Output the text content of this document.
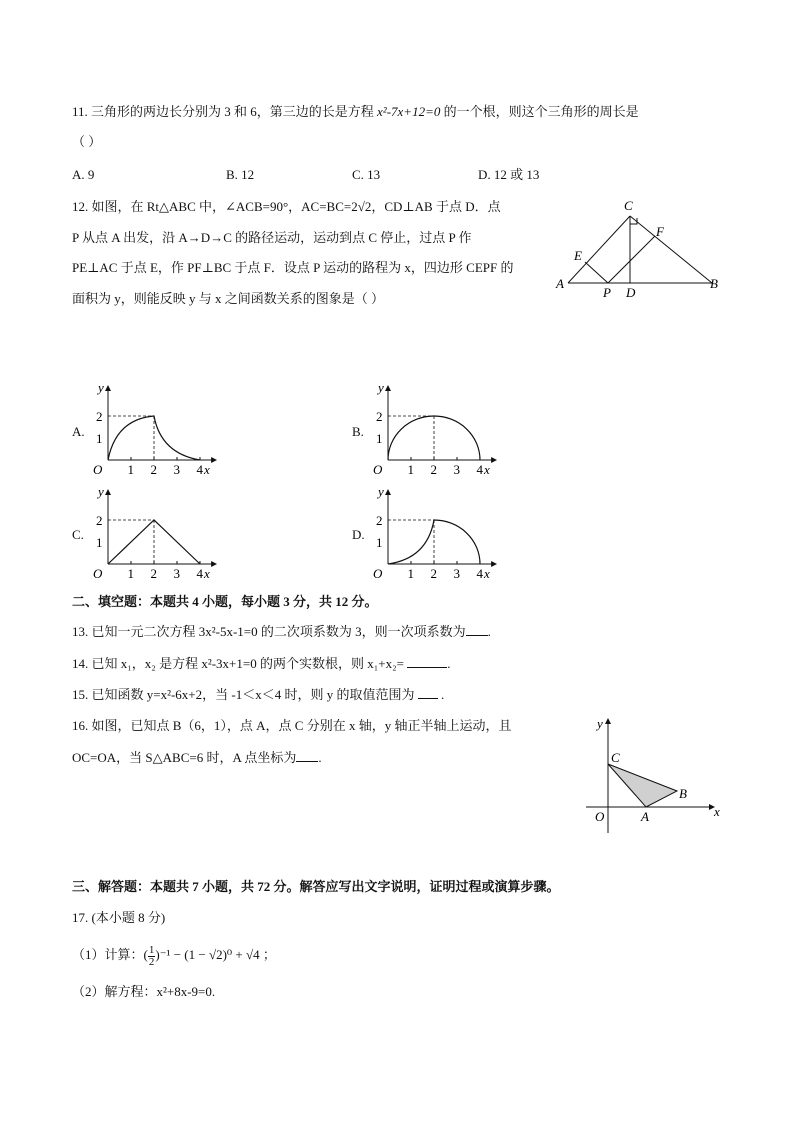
11. 三角形的两边长分别为 3 和 6，第三边的长是方程 x²-7x+12=0 的一个根，则这个三角形的周长是
（ ）
A. 9	B. 12	C. 13	D. 12 或 13
12. 如图，在 Rt△ABC 中，∠ACB=90°，AC=BC=2√2，CD⊥AB 于点 D．点
P 从点 A 出发，沿 A→D→C 的路径运动，运动到点 C 停止，过点 P 作
PE⊥AC 于点 E，作 PF⊥BC 于点 F．设点 P 运动的路程为 x，四边形 CEPF 的
面积为 y，则能反映 y 与 x 之间函数关系的图象是（ ）
C
F
E
A
P D
B
A.	B.
C.	D.
1 2 3 4
1
2
O	x
y
1 2 3 4
1
2
O	x
y
1 2 3 4
1
2
O	x
y
1 2 3 4
1
2
O	x
y
二、填空题：本题共 4 小题，每小题 3 分，共 12 分。
13. 已知一元二次方程 3x²-5x-1=0 的二次项系数为 3，则一次项系数为 .
14. 已知 x₁，x₂ 是方程 x²-3x+1=0 的两个实数根，则 x₁+x₂=	.
15. 已知函数 y=x²-6x+2，当 -1＜x＜4 时，则 y 的取值范围为  .
16. 如图，已知点 B（6，1），点 A，点 C 分别在 x 轴，y 轴正半轴上运动，且
OC=OA，当 S△ABC=6 时，A 点坐标为 .
y
C
B
O	A	x
三、解答题：本题共 7 小题，共 72 分。解答应写出文字说明，证明过程或演算步骤。
17. (本小题 8 分)
（1）计算：( $\frac{1}{2} )^{-1} - (1 - √2)^0 + √4$ ；
（2）解方程：x²+8x-9=0.
